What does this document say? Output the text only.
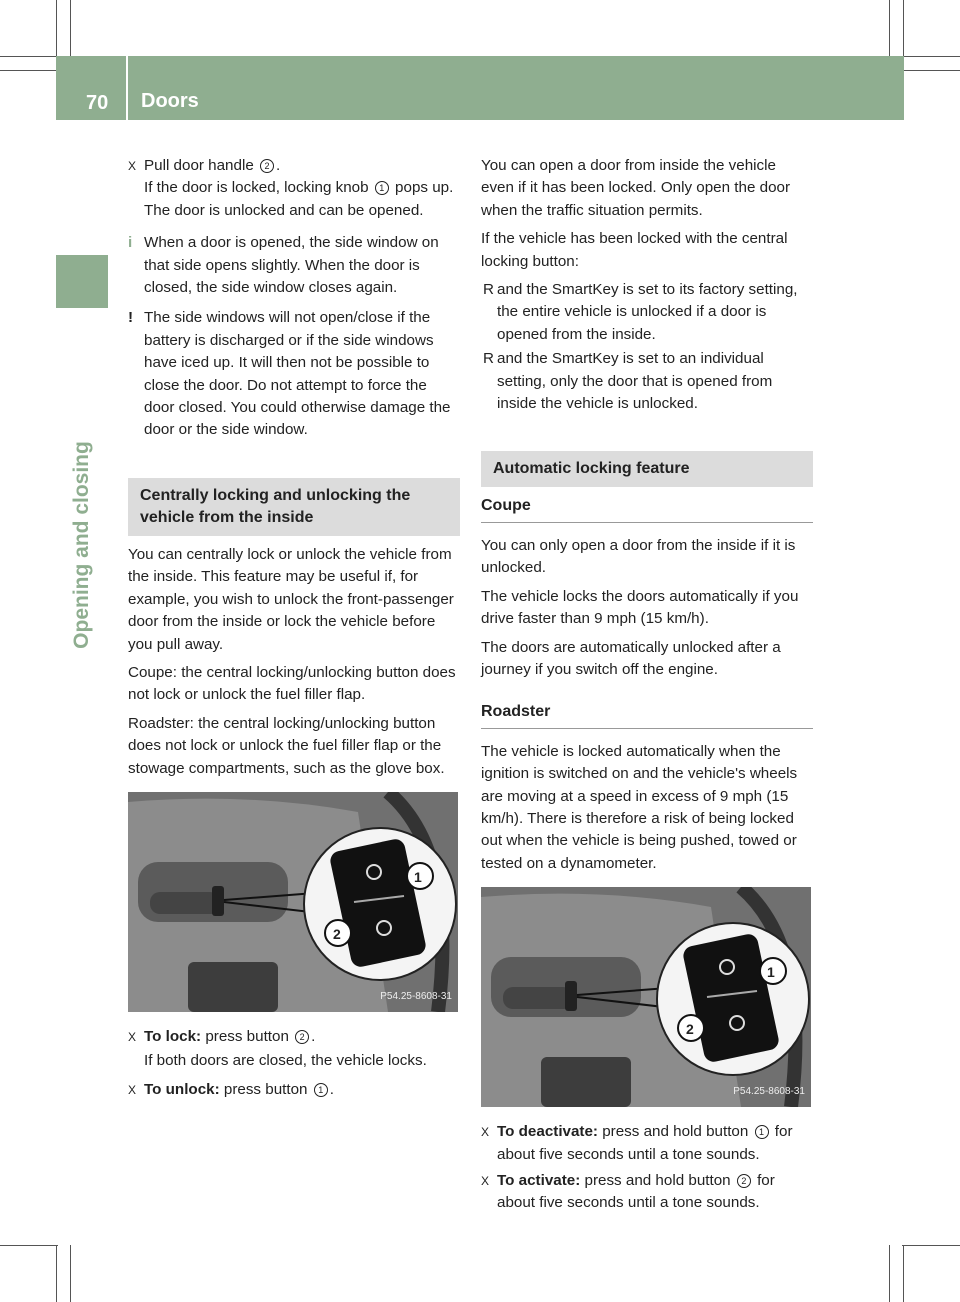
70 Doors
Opening and closing
X Pull door handle 2 .

If the door is locked, locking knob 1 pops up. The door is unlocked and can be opened.

i When a door is opened, the side window on that side opens slightly. When the door is closed, the side window closes again.
! The side windows will not open/close if the battery is discharged or if the side windows have iced up. It will then not be possible to close the door. Do not attempt to force the door closed. You could otherwise damage the door or the side window.
Centrally locking and unlocking the vehicle from the inside

You can centrally lock or unlock the vehicle from the inside. This feature may be useful if, for example, you wish to unlock the front-passenger door from the inside or lock the vehicle before you pull away.

Coupe: the central locking/unlocking button does not lock or unlock the fuel filler flap.

Roadster: the central locking/unlocking button does not lock or unlock the fuel filler flap or the stowage compartments, such as the glove box.

1
2
P54.25-8608-31
X To lock: press button 2 .

If both doors are closed, the vehicle locks.

X To unlock: press button 1 .

You can open a door from inside the vehicle even if it has been locked. Only open the door when the traffic situation permits.

If the vehicle has been locked with the central locking button:

R and the SmartKey is set to its factory setting, the entire vehicle is unlocked if a door is opened from the inside.
R and the SmartKey is set to an individual setting, only the door that is opened from inside the vehicle is unlocked.
Automatic locking feature
Coupe

You can only open a door from the inside if it is unlocked.

The vehicle locks the doors automatically if you drive faster than 9 mph (15 km/h).

The doors are automatically unlocked after a journey if you switch off the engine.

Roadster

The vehicle is locked automatically when the ignition is switched on and the vehicle's wheels are moving at a speed in excess of 9 mph (15 km/h). There is therefore a risk of being locked out when the vehicle is being pushed, towed or tested on a dynamometer.

1
2
P54.25-8608-31
X To deactivate: press and hold button 1 for about five seconds until a tone sounds.
X To activate: press and hold button 2 for about five seconds until a tone sounds.
